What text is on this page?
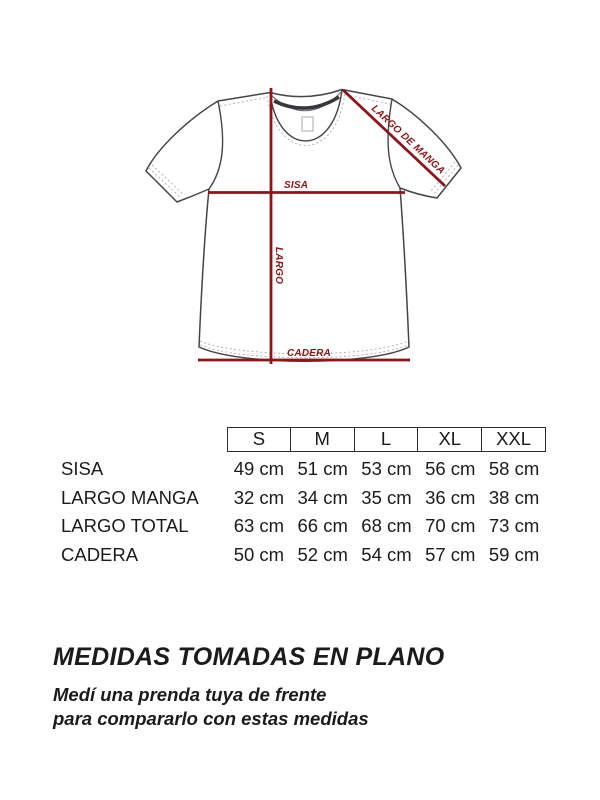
SISA
LARGO
CADERA
LARGO DE MANGA
S	M	L	XL	XXL
SISA	49 cm 51 cm 53 cm 56 cm 58 cm
LARGO MANGA	32 cm 34 cm 35 cm 36 cm 38 cm
LARGO TOTAL	63 cm 66 cm 68 cm 70 cm 73 cm
CADERA	50 cm 52 cm 54 cm 57 cm 59 cm
MEDIDAS TOMADAS EN PLANO
Medí una prenda tuya de frente
para compararlo con estas medidas
